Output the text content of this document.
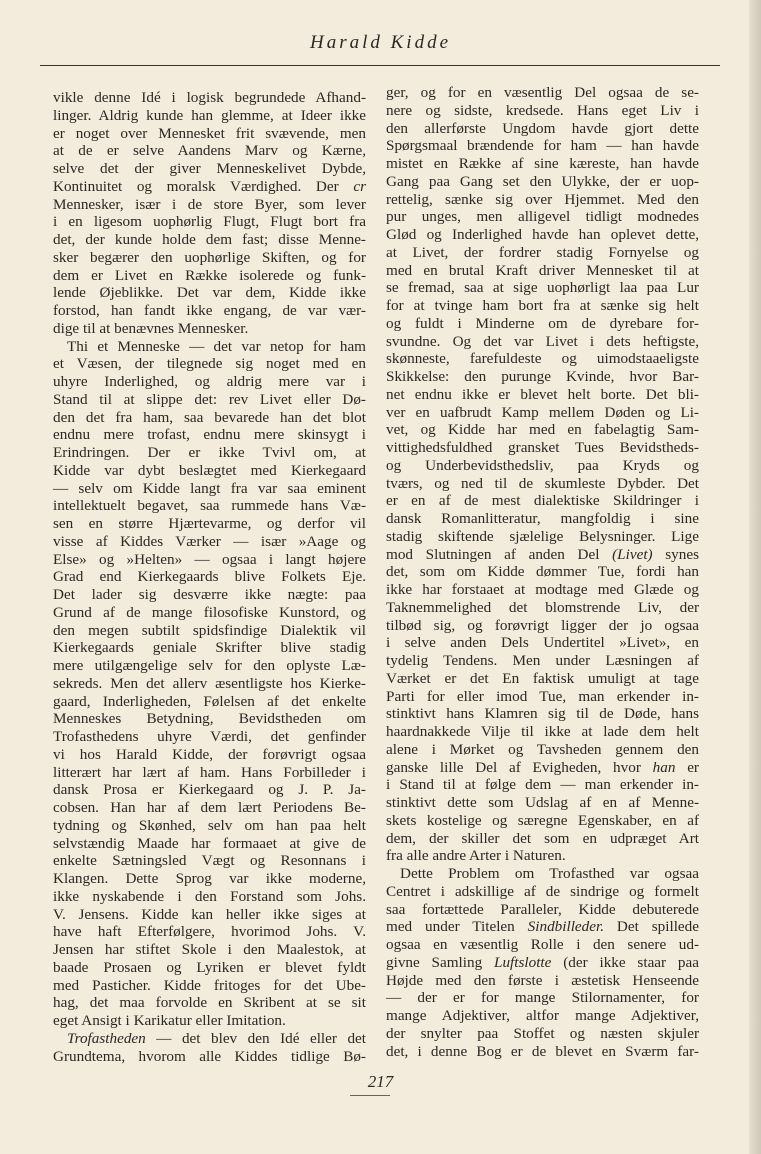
Harald Kidde
vikle denne Idé i logisk begrundede Afhand-
linger. Aldrig kunde han glemme, at Ideer ikke
er noget over Mennesket frit svævende, men
at de er selve Aandens Marv og Kærne,
selve det der giver Menneskelivet Dybde,
Kontinuitet og moralsk Værdighed. Der cr
Mennesker, især i de store Byer, som lever
i en ligesom uophørlig Flugt, Flugt bort fra
det, der kunde holde dem fast; disse Menne-
sker begærer den uophørlige Skiften, og for
dem er Livet en Række isolerede og funk-
lende Øjeblikke. Det var dem, Kidde ikke
forstod, han fandt ikke engang, de var vær-
dige til at benævnes Mennesker.
Thi et Menneske — det var netop for ham
et Væsen, der tilegnede sig noget med en
uhyre Inderlighed, og aldrig mere var i
Stand til at slippe det: rev Livet eller Dø-
den det fra ham, saa bevarede han det blot
endnu mere trofast, endnu mere skinsygt i
Erindringen. Der er ikke Tvivl om, at
Kidde var dybt beslægtet med Kierkegaard
— selv om Kidde langt fra var saa eminent
intellektuelt begavet, saa rummede hans Væ-
sen en større Hjærtevarme, og derfor vil
visse af Kiddes Værker — især »Aage og
Else» og »Helten» — ogsaa i langt højere
Grad end Kierkegaards blive Folkets Eje.
Det lader sig desværre ikke nægte: paa
Grund af de mange filosofiske Kunstord, og
den megen subtilt spidsfindige Dialektik vil
Kierkegaards geniale Skrifter blive stadig
mere utilgængelige selv for den oplyste Læ-
sekreds. Men det allerv æsentligste hos Kierke-
gaard, Inderligheden, Følelsen af det enkelte
Menneskes Betydning, Bevidstheden om
Trofasthedens uhyre Værdi, det genfinder
vi hos Harald Kidde, der forøvrigt ogsaa
litterært har lært af ham. Hans Forbilleder i
dansk Prosa er Kierkegaard og J. P. Ja-
cobsen. Han har af dem lært Periodens Be-
tydning og Skønhed, selv om han paa helt
selvstændig Maade har formaaet at give de
enkelte Sætningsled Vægt og Resonnans i
Klangen. Dette Sprog var ikke moderne,
ikke nyskabende i den Forstand som Johs.
V. Jensens. Kidde kan heller ikke siges at
have haft Efterfølgere, hvorimod Johs. V.
Jensen har stiftet Skole i den Maalestok, at
baade Prosaen og Lyriken er blevet fyldt
med Pasticher. Kidde fritoges for det Ube-
hag, det maa forvolde en Skribent at se sit
eget Ansigt i Karikatur eller Imitation.
Trofastheden — det blev den Idé eller det
Grundtema, hvorom alle Kiddes tidlige Bø-
ger, og for en væsentlig Del ogsaa de se-
nere og sidste, kredsede. Hans eget Liv i
den allerførste Ungdom havde gjort dette
Spørgsmaal brændende for ham — han havde
mistet en Række af sine kæreste, han havde
Gang paa Gang set den Ulykke, der er uop-
rettelig, sænke sig over Hjemmet. Med den
pur unges, men alligevel tidligt modnedes
Glød og Inderlighed havde han oplevet dette,
at Livet, der fordrer stadig Fornyelse og
med en brutal Kraft driver Mennesket til at
se fremad, saa at sige uophørligt laa paa Lur
for at tvinge ham bort fra at sænke sig helt
og fuldt i Minderne om de dyrebare for-
svundne. Og det var Livet i dets heftigste,
skønneste, farefuldeste og uimodstaaeligste
Skikkelse: den purunge Kvinde, hvor Bar-
net endnu ikke er blevet helt borte. Det bli-
ver en uafbrudt Kamp mellem Døden og Li-
vet, og Kidde har med en fabelagtig Sam-
vittighedsfuldhed gransket Tues Bevidstheds-
og Underbevidsthedsliv, paa Kryds og
tværs, og ned til de skumleste Dybder. Det
er en af de mest dialektiske Skildringer i
dansk Romanlitteratur, mangfoldig i sine
stadig skiftende sjælelige Belysninger. Lige
mod Slutningen af anden Del (Livet) synes
det, som om Kidde dømmer Tue, fordi han
ikke har forstaaet at modtage med Glæde og
Taknemmelighed det blomstrende Liv, der
tilbød sig, og forøvrigt ligger der jo ogsaa
i selve anden Dels Undertitel »Livet», en
tydelig Tendens. Men under Læsningen af
Værket er det En faktisk umuligt at tage
Parti for eller imod Tue, man erkender in-
stinktivt hans Klamren sig til de Døde, hans
haardnakkede Vilje til ikke at lade dem helt
alene i Mørket og Tavsheden gennem den
ganske lille Del af Evigheden, hvor han er
i Stand til at følge dem — man erkender in-
stinktivt dette som Udslag af en af Menne-
skets kostelige og særegne Egenskaber, en af
dem, der skiller det som en udpræget Art
fra alle andre Arter i Naturen.
Dette Problem om Trofasthed var ogsaa
Centret i adskillige af de sindrige og formelt
saa fortættede Paralleler, Kidde debuterede
med under Titelen Sindbilleder. Det spillede
ogsaa en væsentlig Rolle i den senere ud-
givne Samling Luftslotte (der ikke staar paa
Højde med den første i æstetisk Henseende
— der er for mange Stilornamenter, for
mange Adjektiver, altfor mange Adjektiver,
der snylter paa Stoffet og næsten skjuler
det, i denne Bog er de blevet en Sværm far-
217
